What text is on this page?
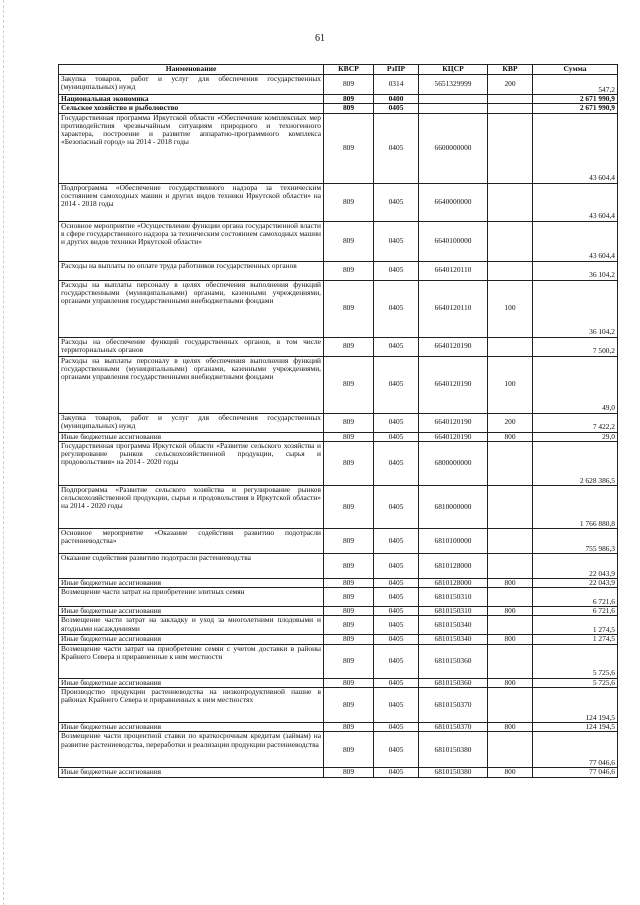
61
Наименование	КВСР	РзПР	КЦСР	КВР	Сумма
Закупка товаров, работ и услуг для обеспечения государственных (муниципальных) нужд	809	0314	5651329999	200	547,2
Национальная экономика	809	0400			2 671 990,9
Сельское хозяйство и рыболовство	809	0405			2 671 990,9
Государственная программа Иркутской области «Обеспечение комплексных мер противодействия чрезвычайным ситуациям природного и техногенного характера, построение и развитие аппаратно-программного комплекса «Безопасный город» на 2014 - 2018 годы	809	0405	6600000000		43 604,4
Подпрограмма «Обеспечение государственного надзора за техническим состоянием самоходных машин и других видов техники Иркутской области» на 2014 - 2018 годы	809	0405	6640000000		43 604,4
Основное мероприятие «Осуществление функции органа государственной власти в сфере государственного надзора за техническим состоянием самоходных машин и других видов техники Иркутской области»	809	0405	6640100000		43 604,4
Расходы на выплаты по оплате труда работников государственных органов	809	0405	6640120110		36 104,2
Расходы на выплаты персоналу в целях обеспечения выполнения функций государственными (муниципальными) органами, казенными учреждениями, органами управления государственными внебюджетными фондами	809	0405	6640120110	100	36 104,2
Расходы на обеспечение функций государственных органов, в том числе территориальных органов	809	0405	6640120190		7 500,2
Расходы на выплаты персоналу в целях обеспечения выполнения функций государственными (муниципальными) органами, казенными учреждениями, органами управления государственными внебюджетными фондами	809	0405	6640120190	100	49,0
Закупка товаров, работ и услуг для обеспечения государственных (муниципальных) нужд	809	0405	6640120190	200	7 422,2
Иные бюджетные ассигнования	809	0405	6640120190	800	29,0
Государственная программа Иркутской области «Развитие сельского хозяйства и регулирование рынков сельскохозяйственной продукции, сырья и продовольствия» на 2014 - 2020 годы	809	0405	6800000000		2 628 386,5
Подпрограмма «Развитие сельского хозяйства и регулирование рынков сельскохозяйственной продукции, сырья и продовольствия в Иркутской области» на 2014 - 2020 годы	809	0405	6810000000		1 766 880,8
Основное мероприятие «Оказание содействия развитию подотрасли растениеводства»	809	0405	6810100000		755 986,3
Оказание содействия развитию подотрасли растениеводства	809	0405	6810128000		22 043,9
Иные бюджетные ассигнования	809	0405	6810128000	800	22 043,9
Возмещение части затрат на приобретение элитных семян	809	0405	6810150310		6 721,6
Иные бюджетные ассигнования	809	0405	6810150310	800	6 721,6
Возмещение части затрат на закладку и уход за многолетними плодовыми и ягодными насаждениями	809	0405	6810150340		1 274,5
Иные бюджетные ассигнования	809	0405	6810150340	800	1 274,5
Возмещение части затрат на приобретение семян с учетом доставки в районы Крайнего Севера и приравненные к ним местности	809	0405	6810150360		5 725,6
Иные бюджетные ассигнования	809	0405	6810150360	800	5 725,6
Производство продукции растениеводства на низкопродуктивной пашне в районах Крайнего Севера и приравненных к ним местностях	809	0405	6810150370		124 194,5
Иные бюджетные ассигнования	809	0405	6810150370	800	124 194,5
Возмещение части процентной ставки по краткосрочным кредитам (займам) на развитие растениеводства, переработки и реализации продукции растениеводства	809	0405	6810150380		77 046,6
Иные бюджетные ассигнования	809	0405	6810150380	800	77 046,6
